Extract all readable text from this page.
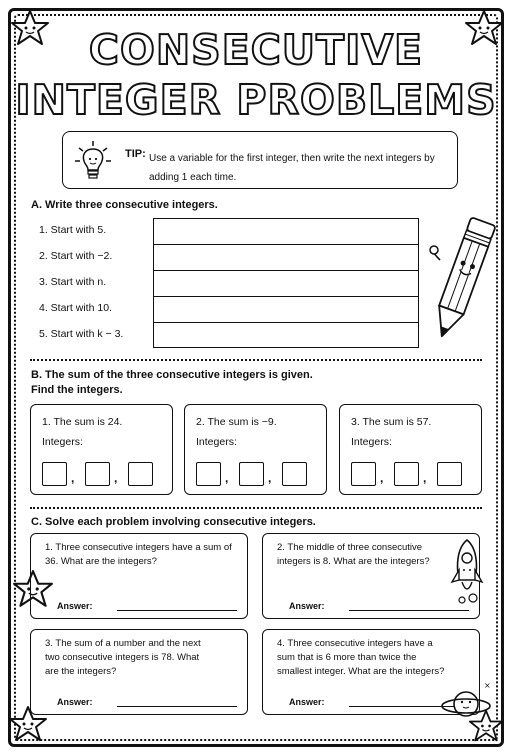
CONSECUTIVE
INTEGER PROBLEMS
TIP: Use a variable for the first integer, then write the next integers by adding 1 each time.
A. Write three consecutive integers.
1. Start with 5.
2. Start with −2.
3. Start with n.
4. Start with 10.
5. Start with k − 3.
B. The sum of the three consecutive integers is given.
Find the integers.
1. The sum is 24.
Integers:
,	,
2. The sum is −9.
Integers:
,	,
3. The sum is 57.
Integers:
,	,
C. Solve each problem involving consecutive integers.
1. Three consecutive integers have a sum of 36. What are the integers?
Answer:
2. The middle of three consecutive integers is 8. What are the integers?
Answer:
3. The sum of a number and the next two consecutive integers is 78. What are the integers?
Answer:
4. Three consecutive integers have a sum that is 6 more than twice the smallest integer. What are the integers?
Answer:
×
